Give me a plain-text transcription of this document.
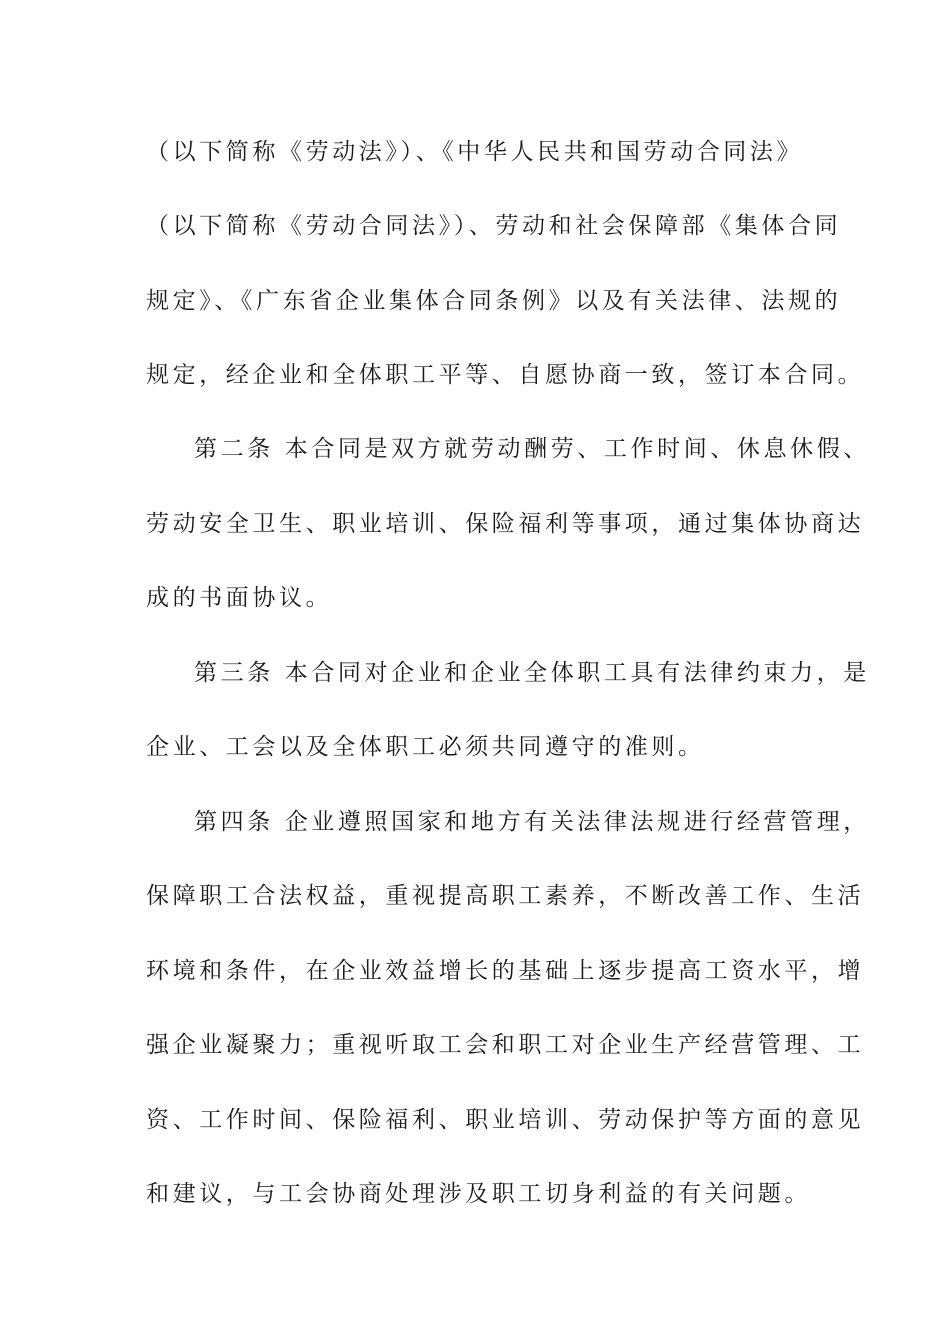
（以下简称《劳动法》）、《中华人民共和国劳动合同法》
（以下简称《劳动合同法》）、劳动和社会保障部《集体合同
规定》、《广东省企业集体合同条例》以及有关法律、法规的
规定，经企业和全体职工平等、自愿协商一致，签订本合同。
第二条 本合同是双方就劳动酬劳、工作时间、休息休假、
劳动安全卫生、职业培训、保险福利等事项，通过集体协商达
成的书面协议。
第三条 本合同对企业和企业全体职工具有法律约束力，是
企业、工会以及全体职工必须共同遵守的准则。
第四条 企业遵照国家和地方有关法律法规进行经营管理，
保障职工合法权益，重视提高职工素养，不断改善工作、生活
环境和条件，在企业效益增长的基础上逐步提高工资水平，增
强企业凝聚力；重视听取工会和职工对企业生产经营管理、工
资、工作时间、保险福利、职业培训、劳动保护等方面的意见
和建议，与工会协商处理涉及职工切身利益的有关问题。
